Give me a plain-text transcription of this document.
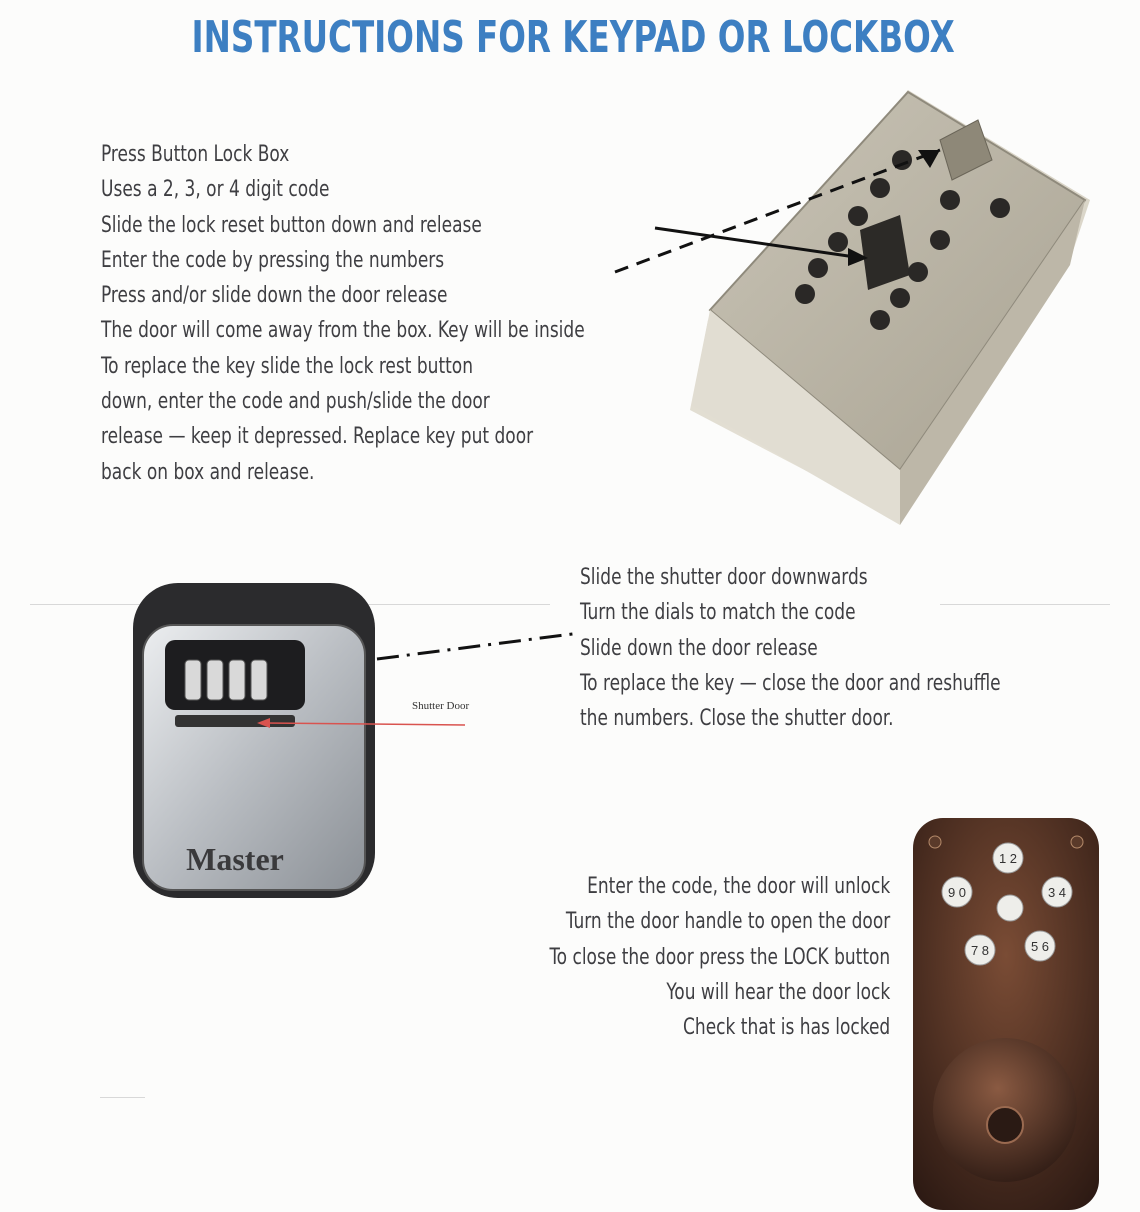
INSTRUCTIONS FOR KEYPAD OR LOCKBOX
Press Button Lock Box
Uses a 2, 3, or 4 digit code
Slide the lock reset button down and release
Enter the code by pressing the numbers
Press and/or slide down the door release
The door will come away from the box. Key will be inside
To replace the key slide the lock rest button
down, enter the code and push/slide the door
release — keep it depressed. Replace key put door
back on box and release.
Slide the shutter door downwards
Turn the dials to match the code
Slide down the door release
To replace the key — close the door and reshuffle
the numbers. Close the shutter door.
Master
Shutter Door
Enter the code, the door will unlock
Turn the door handle to open the door
To close the door press the LOCK button
You will hear the door lock
Check that is has locked
1 2
3 4
5 6
7 8
9 0
